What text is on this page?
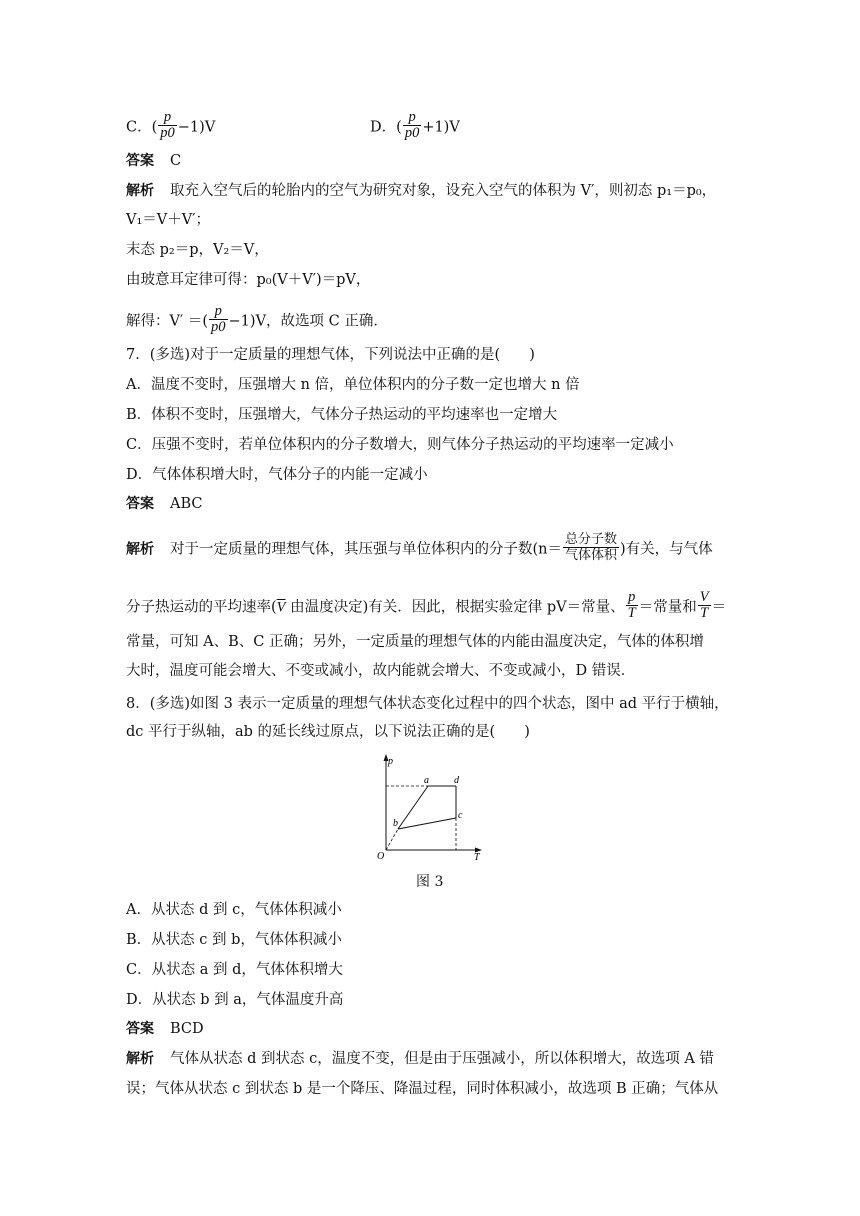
C．( $\frac{p}{p0} -1)V$	D．( $\frac{p}{p0} +1)V$
答案 C
解析 取充入空气后的轮胎内的空气为研究对象，设充入空气的体积为 V′，则初态 p₁＝p₀，
V₁＝V＋V′；
末态 p₂＝p，V₂＝V，
由玻意耳定律可得：p₀(V＋V′)＝pV，
解得：V′ ＝( $\frac{p}{p0} -1)V$，故选项 C 正确．
7．(多选)对于一定质量的理想气体，下列说法中正确的是(　　)
A．温度不变时，压强增大 n 倍，单位体积内的分子数一定也增大 n 倍
B．体积不变时，压强增大，气体分子热运动的平均速率也一定增大
C．压强不变时，若单位体积内的分子数增大，则气体分子热运动的平均速率一定减小
D．气体体积增大时，气体分子的内能一定减小
答案 ABC
解析 对于一定质量的理想气体，其压强与单位体积内的分子数($n= \frac{\text{总分子数}}{\text{气体体积}}$ )有关，与气体
分子热运动的平均速率($\overline{V}$ 由温度决定)有关．因此，根据实验定律 pV＝常量、 $\frac{p}{T}$ ＝常量和 $\frac{V}{T}$ ＝
常量，可知 A、B、C 正确；另外，一定质量的理想气体的内能由温度决定，气体的体积增
大时，温度可能会增大、不变或减小，故内能就会增大、不变或减小，D 错误．
8．(多选)如图 3 表示一定质量的理想气体状态变化过程中的四个状态，图中 ad 平行于横轴，
dc 平行于纵轴，ab 的延长线过原点，以下说法正确的是(　　)
p
T
O
a
b
c
d
图 3
A．从状态 d 到 c，气体体积减小
B．从状态 c 到 b，气体体积减小
C．从状态 a 到 d，气体体积增大
D．从状态 b 到 a，气体温度升高
答案 BCD
解析 气体从状态 d 到状态 c，温度不变，但是由于压强减小，所以体积增大，故选项 A 错
误；气体从状态 c 到状态 b 是一个降压、降温过程，同时体积减小，故选项 B 正确；气体从
